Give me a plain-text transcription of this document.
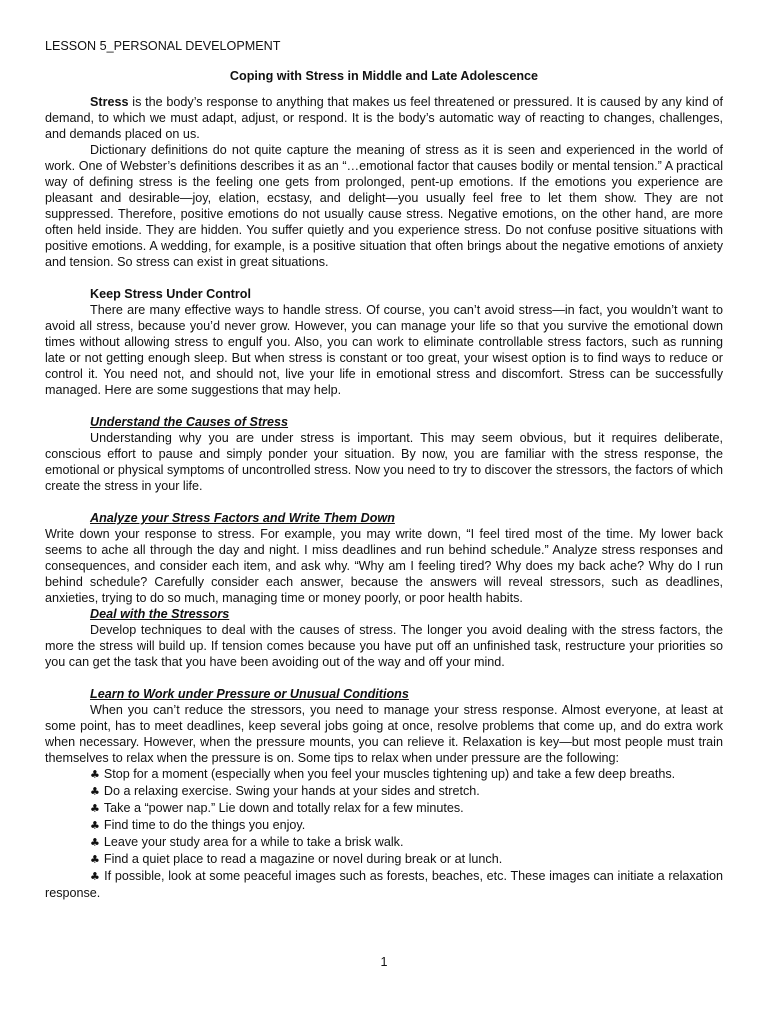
LESSON 5_PERSONAL DEVELOPMENT
Coping with Stress in Middle and Late Adolescence

Stress is the body’s response to anything that makes us feel threatened or pressured. It is caused by any kind of demand, to which we must adapt, adjust, or respond. It is the body’s automatic way of reacting to changes, challenges, and demands placed on us.

Dictionary definitions do not quite capture the meaning of stress as it is seen and experienced in the world of work. One of Webster’s definitions describes it as an “…emotional factor that causes bodily or mental tension.” A practical way of defining stress is the feeling one gets from prolonged, pent-up emotions. If the emotions you experience are pleasant and desirable—joy, elation, ecstasy, and delight—you usually feel free to let them show. They are not suppressed. Therefore, positive emotions do not usually cause stress. Negative emotions, on the other hand, are more often held inside. They are hidden. You suffer quietly and you experience stress. Do not confuse positive situations with positive emotions. A wedding, for example, is a positive situation that often brings about the negative emotions of anxiety and tension. So stress can exist in great situations.

Keep Stress Under Control

There are many effective ways to handle stress. Of course, you can’t avoid stress—in fact, you wouldn’t want to avoid all stress, because you’d never grow. However, you can manage your life so that you survive the emotional down times without allowing stress to engulf you. Also, you can work to eliminate controllable stress factors, such as running late or not getting enough sleep. But when stress is constant or too great, your wisest option is to find ways to reduce or control it. You need not, and should not, live your life in emotional stress and discomfort. Stress can be successfully managed. Here are some suggestions that may help.

Understand the Causes of Stress

Understanding why you are under stress is important. This may seem obvious, but it requires deliberate, conscious effort to pause and simply ponder your situation. By now, you are familiar with the stress response, the emotional or physical symptoms of uncontrolled stress. Now you need to try to discover the stressors, the factors of which create the stress in your life.

Analyze your Stress Factors and Write Them Down

Write down your response to stress. For example, you may write down, “I feel tired most of the time. My lower back seems to ache all through the day and night. I miss deadlines and run behind schedule.” Analyze stress responses and consequences, and consider each item, and ask why. “Why am I feeling tired? Why does my back ache? Why do I run behind schedule? Carefully consider each answer, because the answers will reveal stressors, such as deadlines, anxieties, trying to do so much, managing time or money poorly, or poor health habits.

Deal with the Stressors

Develop techniques to deal with the causes of stress. The longer you avoid dealing with the stress factors, the more the stress will build up. If tension comes because you have put off an unfinished task, restructure your priorities so you can get the task that you have been avoiding out of the way and off your mind.

Learn to Work under Pressure or Unusual Conditions

When you can’t reduce the stressors, you need to manage your stress response. Almost everyone, at least at some point, has to meet deadlines, keep several jobs going at once, resolve problems that come up, and do extra work when necessary. However, when the pressure mounts, you can relieve it. Relaxation is key—but most people must train themselves to relax when the pressure is on. Some tips to relax when under pressure are the following:

♣ Stop for a moment (especially when you feel your muscles tightening up) and take a few deep breaths.
♣ Do a relaxing exercise. Swing your hands at your sides and stretch.
♣ Take a “power nap.” Lie down and totally relax for a few minutes.
♣ Find time to do the things you enjoy.
♣ Leave your study area for a while to take a brisk walk.
♣ Find a quiet place to read a magazine or novel during break or at lunch.
♣ If possible, look at some peaceful images such as forests, beaches, etc. These images can initiate a relaxation response.
1
